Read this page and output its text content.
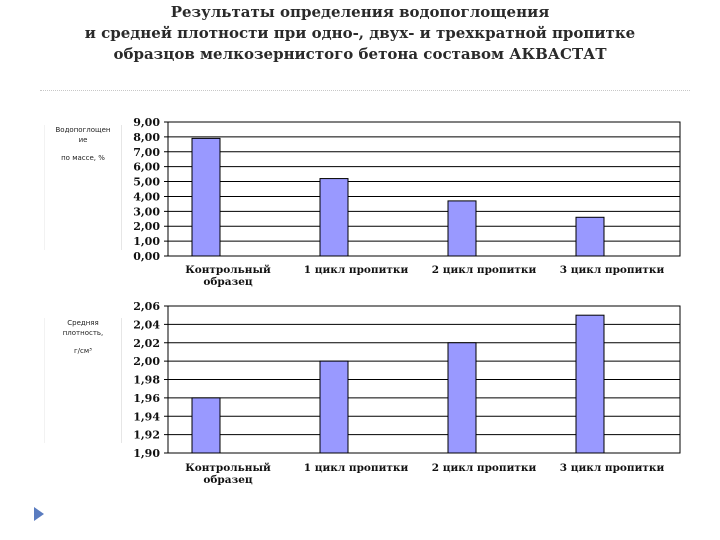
Результаты определения водопоглощения
и средней плотности при одно-, двух- и трехкратной пропитке
образцов мелкозернистого бетона составом АКВАСТАТ
Водопоглощен
ие
по массе, %
Средняя
плотность,
г/см³
0,00
1,00
2,00
3,00
4,00
5,00
6,00
7,00
8,00
9,00
Контрольный образец
1 цикл пропитки 2 цикл пропитки 3 цикл пропитки
1,90
1,92
1,94
1,96
1,98
2,00
2,02
2,04
2,06
Контрольный образец
1 цикл пропитки 2 цикл пропитки 3 цикл пропитки
